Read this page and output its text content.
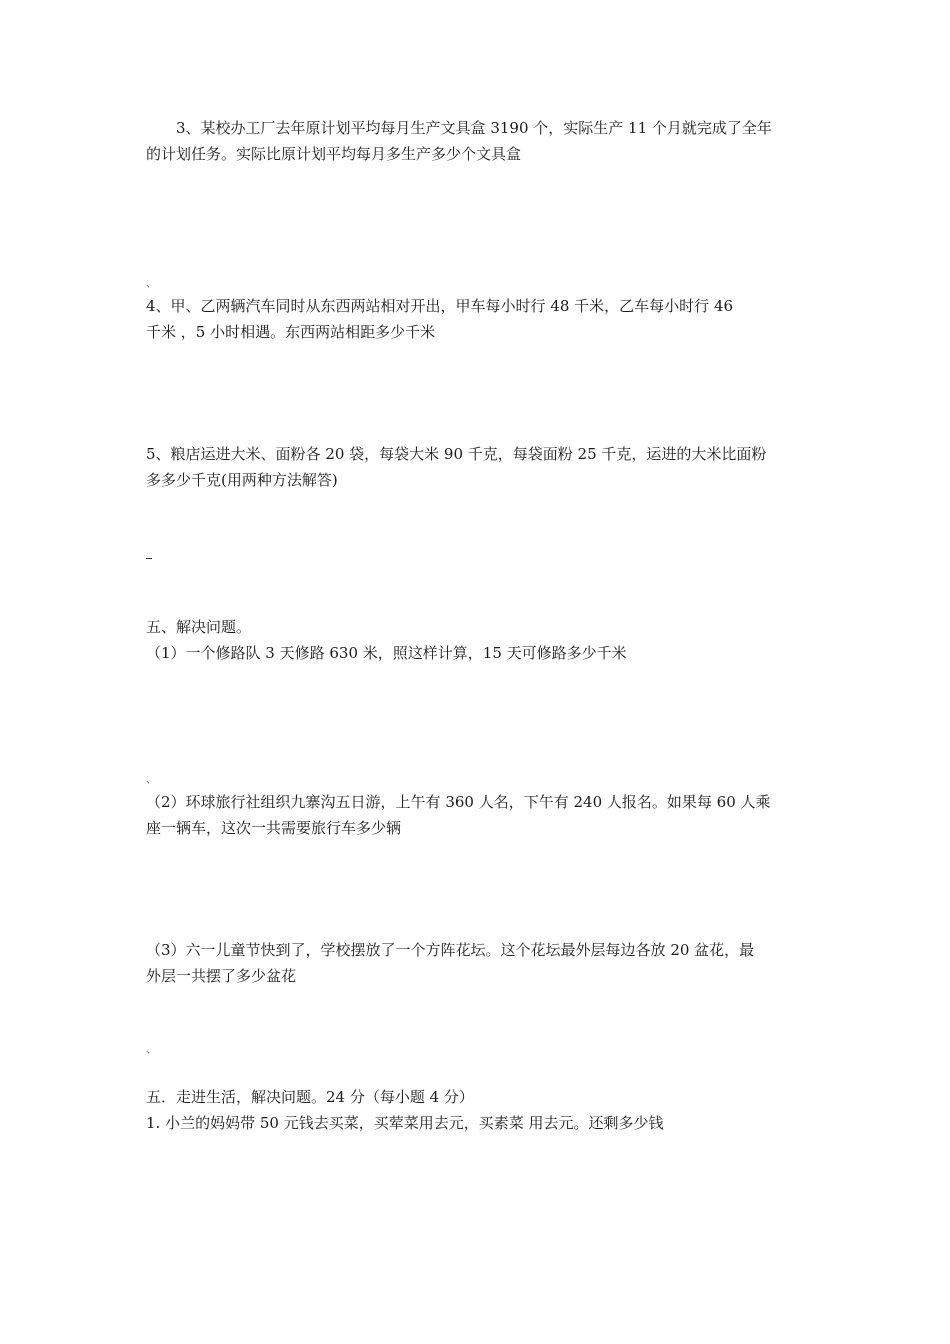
3、某校办工厂去年原计划平均每月生产文具盒 3190 个，实际生产 11 个月就完成了全年
的计划任务。实际比原计划平均每月多生产多少个文具盒
、
4、甲、乙两辆汽车同时从东西两站相对开出，甲车每小时行 48 千米，乙车每小时行 46
千米 ，5 小时相遇。东西两站相距多少千米
5、粮店运进大米、面粉各 20 袋，每袋大米 90 千克，每袋面粉 25 千克，运进的大米比面粉
多多少千克(用两种方法解答)
五、解决问题。
（1）一个修路队 3 天修路 630 米，照这样计算，15 天可修路多少千米
、
（2）环球旅行社组织九寨沟五日游，上午有 360 人名，下午有 240 人报名。如果每 60 人乘
座一辆车，这次一共需要旅行车多少辆
（3）六一儿童节快到了，学校摆放了一个方阵花坛。这个花坛最外层每边各放 20 盆花，最
外层一共摆了多少盆花
、
五．走进生活，解决问题。24 分（每小题 4 分）
1. 小兰的妈妈带 50 元钱去买菜，买荤菜用去元，买素菜 用去元。还剩多少钱
